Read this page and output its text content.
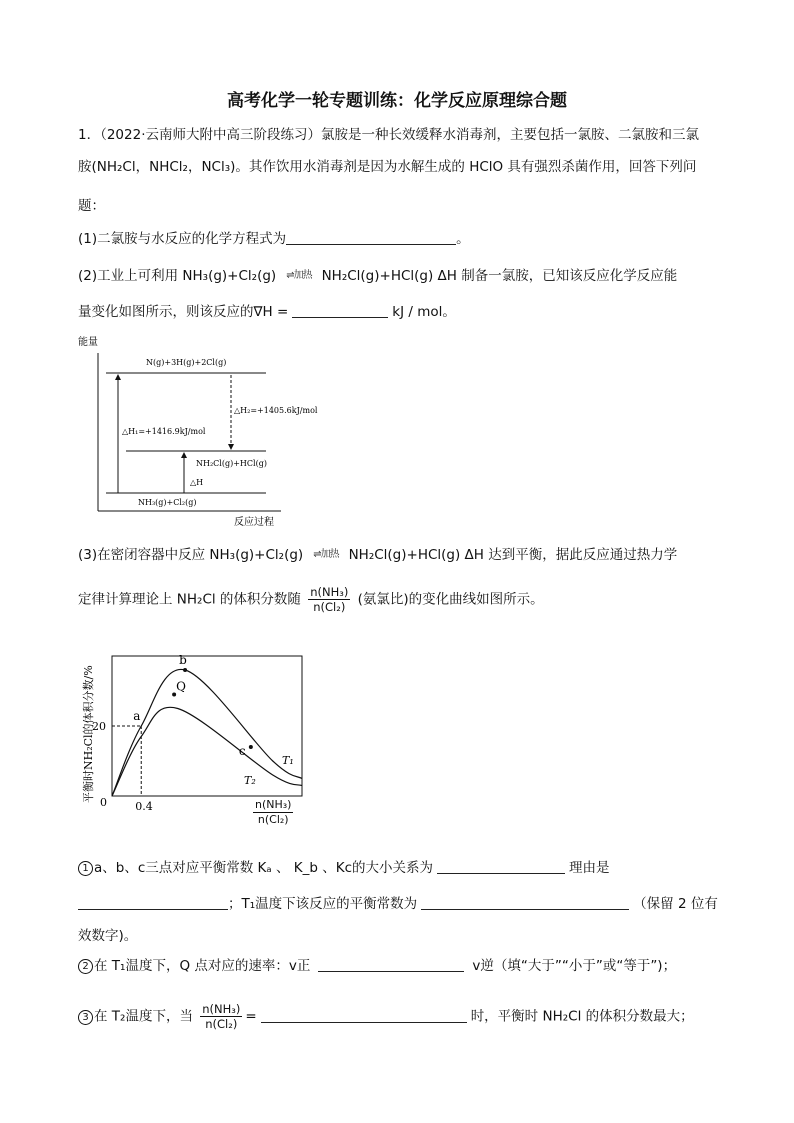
高考化学一轮专题训练：化学反应原理综合题
1．（2022·云南师大附中高三阶段练习）氯胺是一种长效缓释水消毒剂，主要包括一氯胺、二氯胺和三氯
胺(NH₂Cl，NHCl₂，NCl₃)。其作饮用水消毒剂是因为水解生成的 HClO 具有强烈杀菌作用，回答下列问
题：
(1)二氯胺与水反应的化学方程式为	。
(2)工业上可利用 NH₃(g)+Cl₂(g) ⇌加热 NH₂Cl(g)+HCl(g) ΔH 制备一氯胺，已知该反应化学反应能
量变化如图所示，则该反应的∇H =	kJ / mol。
能量
反应过程
N(g)+3H(g)+2Cl(g)
NH₂Cl(g)+HCl(g)
NH₃(g)+Cl₂(g)
△H₁=+1416.9kJ/mol
△H₂=+1405.6kJ/mol
△H
(3)在密闭容器中反应 NH₃(g)+Cl₂(g) ⇌加热 NH₂Cl(g)+HCl(g) ΔH 达到平衡，据此反应通过热力学
定律计算理论上 NH₂Cl 的体积分数随 $\frac{\text{n(NH₃)}}{\text{n(Cl₂)}}$ (氨氯比)的变化曲线如图所示。
平衡时NH₂Cl的体积分数/% 0	0.4
20
T₁
T₂
a
b
Q
c
$\frac{\text{n(NH₃)}}{\text{n(Cl₂)}}$
1 a、b、c三点对应平衡常数 Kₐ 、 K_b 、Kc的大小关系为	理由是
；T₁温度下该反应的平衡常数为	（保留 2 位有
效数字)。
2 在 T₁温度下，Q 点对应的速率：v正	v逆（填“大于”“小于”或“等于”)；
3 在 T₂温度下，当 $\frac{\text{n(NH₃)}}{\text{n(Cl₂)}}$ =	时，平衡时 NH₂Cl 的体积分数最大；
